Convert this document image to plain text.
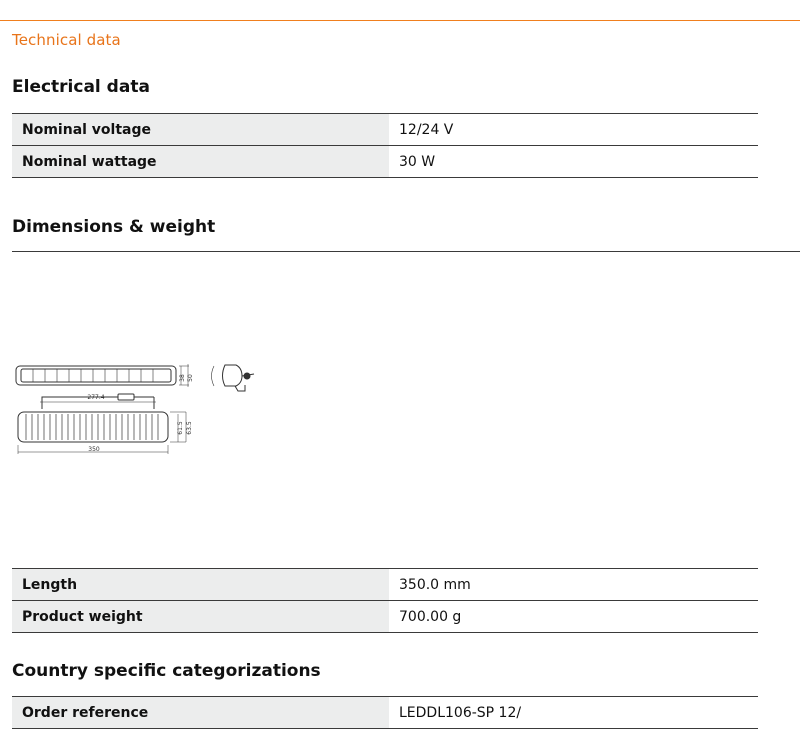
Technical data
Electrical data
Nominal voltage	12/24 V
Nominal wattage	30 W
Dimensions & weight
38 50
277.4
61.5 63.5
350
Length	350.0 mm
Product weight	700.00 g
Country specific categorizations
Order reference	LEDDL106-SP 12/
